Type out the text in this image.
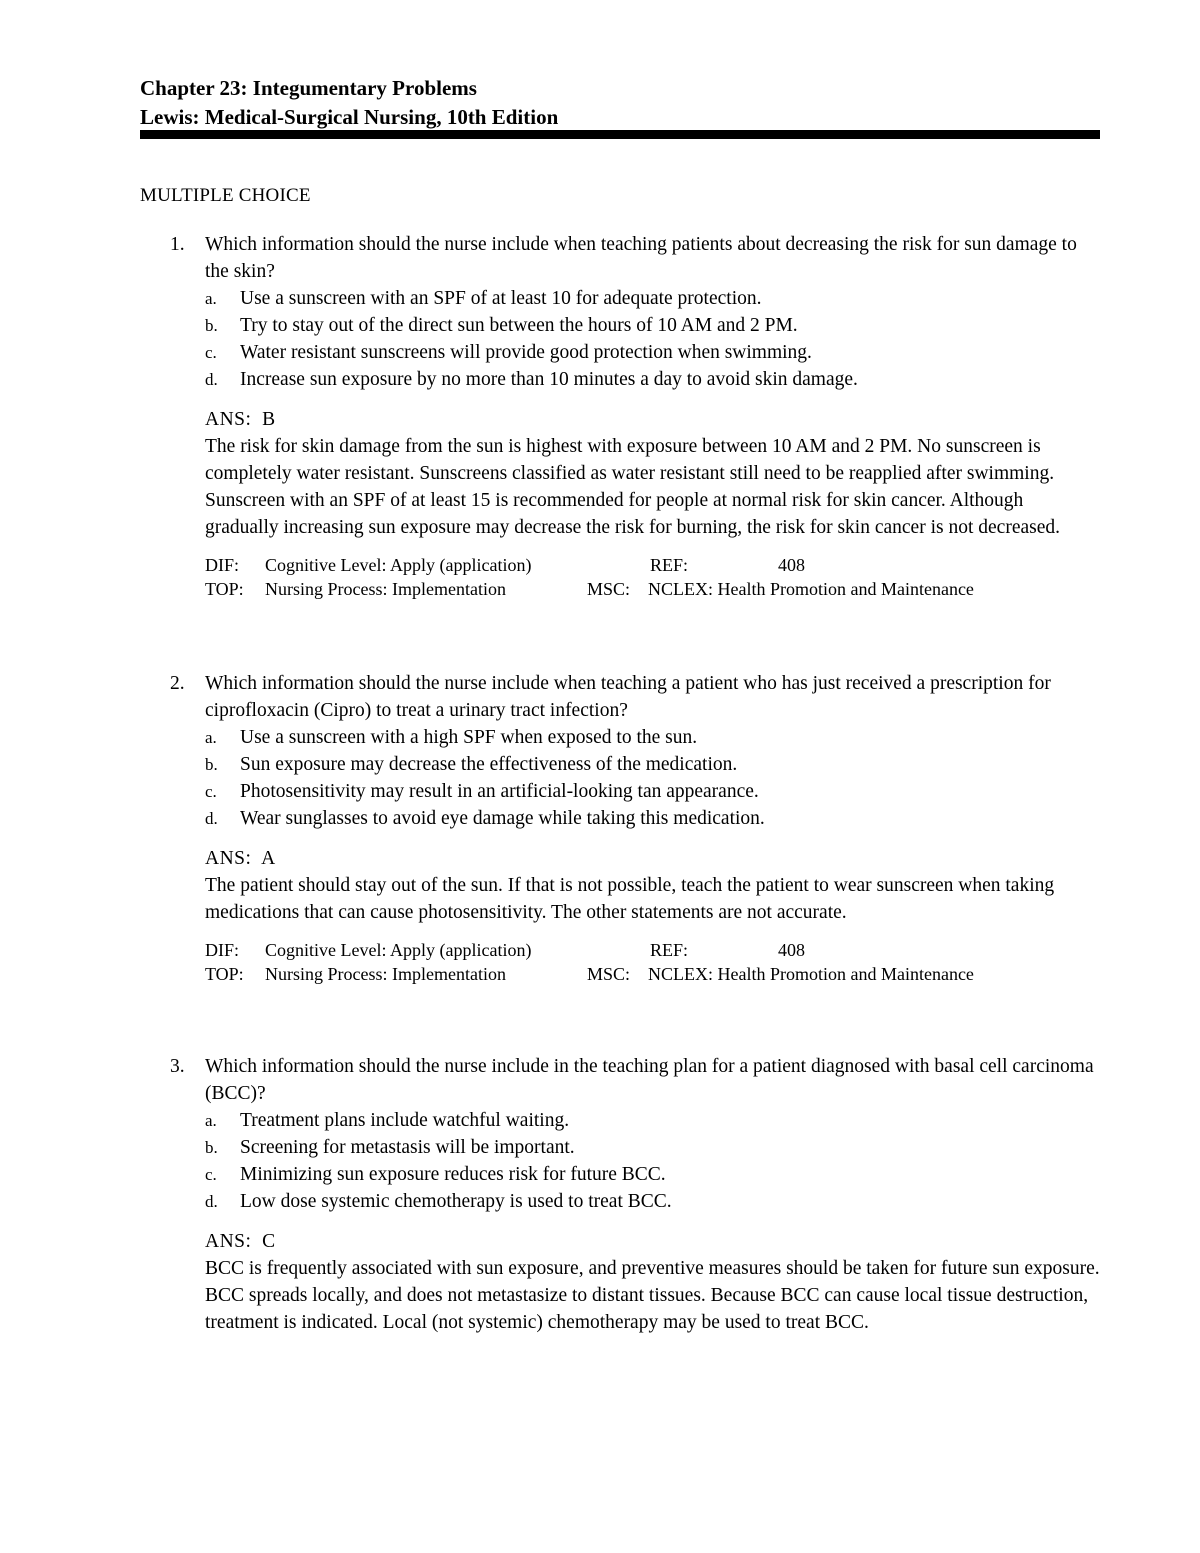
Chapter 23: Integumentary Problems
Lewis: Medical-Surgical Nursing, 10th Edition
MULTIPLE CHOICE
1. Which information should the nurse include when teaching patients about decreasing the risk for sun damage to the skin?
a. Use a sunscreen with an SPF of at least 10 for adequate protection.
b. Try to stay out of the direct sun between the hours of 10 AM and 2 PM.
c. Water resistant sunscreens will provide good protection when swimming.
d. Increase sun exposure by no more than 10 minutes a day to avoid skin damage.
ANS:  B
The risk for skin damage from the sun is highest with exposure between 10 AM and 2 PM. No sunscreen is completely water resistant. Sunscreens classified as water resistant still need to be reapplied after swimming. Sunscreen with an SPF of at least 15 is recommended for people at normal risk for skin cancer. Although gradually increasing sun exposure may decrease the risk for burning, the risk for skin cancer is not decreased.
DIF: Cognitive Level: Apply (application)	REF:	408
TOP: Nursing Process: Implementation	MSC: NCLEX: Health Promotion and Maintenance
2. Which information should the nurse include when teaching a patient who has just received a prescription for ciprofloxacin (Cipro) to treat a urinary tract infection?
a. Use a sunscreen with a high SPF when exposed to the sun.
b. Sun exposure may decrease the effectiveness of the medication.
c. Photosensitivity may result in an artificial-looking tan appearance.
d. Wear sunglasses to avoid eye damage while taking this medication.
ANS:  A
The patient should stay out of the sun. If that is not possible, teach the patient to wear sunscreen when taking medications that can cause photosensitivity. The other statements are not accurate.
DIF: Cognitive Level: Apply (application)	REF:	408
TOP: Nursing Process: Implementation	MSC: NCLEX: Health Promotion and Maintenance
3. Which information should the nurse include in the teaching plan for a patient diagnosed with basal cell carcinoma (BCC)?
a. Treatment plans include watchful waiting.
b. Screening for metastasis will be important.
c. Minimizing sun exposure reduces risk for future BCC.
d. Low dose systemic chemotherapy is used to treat BCC.
ANS:  C
BCC is frequently associated with sun exposure, and preventive measures should be taken for future sun exposure. BCC spreads locally, and does not metastasize to distant tissues. Because BCC can cause local tissue destruction, treatment is indicated. Local (not systemic) chemotherapy may be used to treat BCC.
